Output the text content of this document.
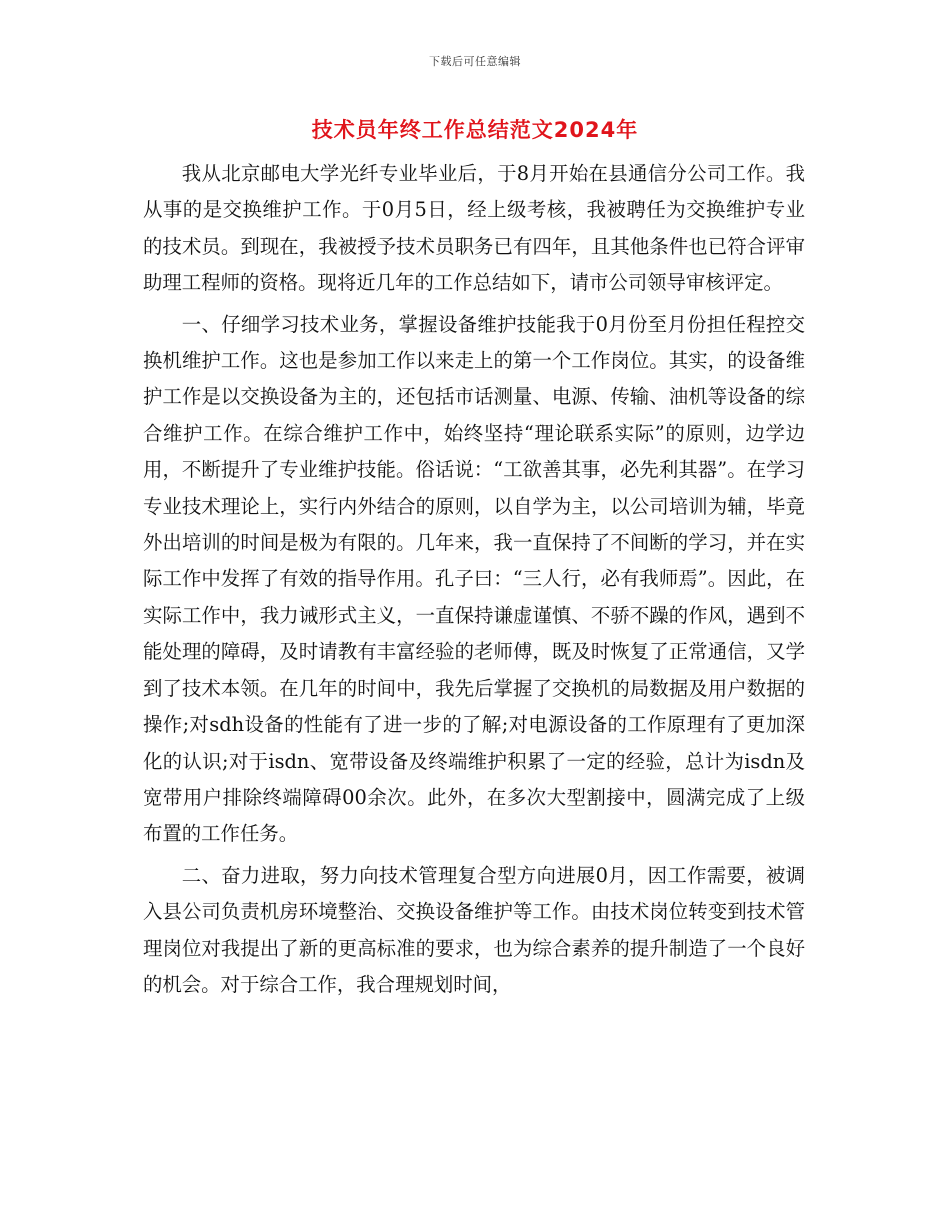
下载后可任意编辑
技术员年终工作总结范文2024年

我从北京邮电大学光纤专业毕业后，于8月开始在县通信分公司工作。我从事的是交换维护工作。于0月5日，经上级考核，我被聘任为交换维护专业的技术员。到现在，我被授予技术员职务已有四年，且其他条件也已符合评审助理工程师的资格。现将近几年的工作总结如下，请市公司领导审核评定。

一、仔细学习技术业务，掌握设备维护技能我于0月份至月份担任程控交换机维护工作。这也是参加工作以来走上的第一个工作岗位。其实，的设备维护工作是以交换设备为主的，还包括市话测量、电源、传输、油机等设备的综合维护工作。在综合维护工作中，始终坚持“理论联系实际”的原则，边学边用，不断提升了专业维护技能。俗话说：“工欲善其事，必先利其器”。在学习专业技术理论上，实行内外结合的原则，以自学为主，以公司培训为辅，毕竟外出培训的时间是极为有限的。几年来，我一直保持了不间断的学习，并在实际工作中发挥了有效的指导作用。孔子曰：“三人行，必有我师焉”。因此，在实际工作中，我力诫形式主义，一直保持谦虚谨慎、不骄不躁的作风，遇到不能处理的障碍，及时请教有丰富经验的老师傅，既及时恢复了正常通信，又学到了技术本领。在几年的时间中，我先后掌握了交换机的局数据及用户数据的操作;对sdh设备的性能有了进一步的了解;对电源设备的工作原理有了更加深化的认识;对于isdn、宽带设备及终端维护积累了一定的经验，总计为isdn及宽带用户排除终端障碍00余次。此外，在多次大型割接中，圆满完成了上级布置的工作任务。

二、奋力进取，努力向技术管理复合型方向进展0月，因工作需要，被调入县公司负责机房环境整治、交换设备维护等工作。由技术岗位转变到技术管理岗位对我提出了新的更高标准的要求，也为综合素养的提升制造了一个良好的机会。对于综合工作，我合理规划时间，
